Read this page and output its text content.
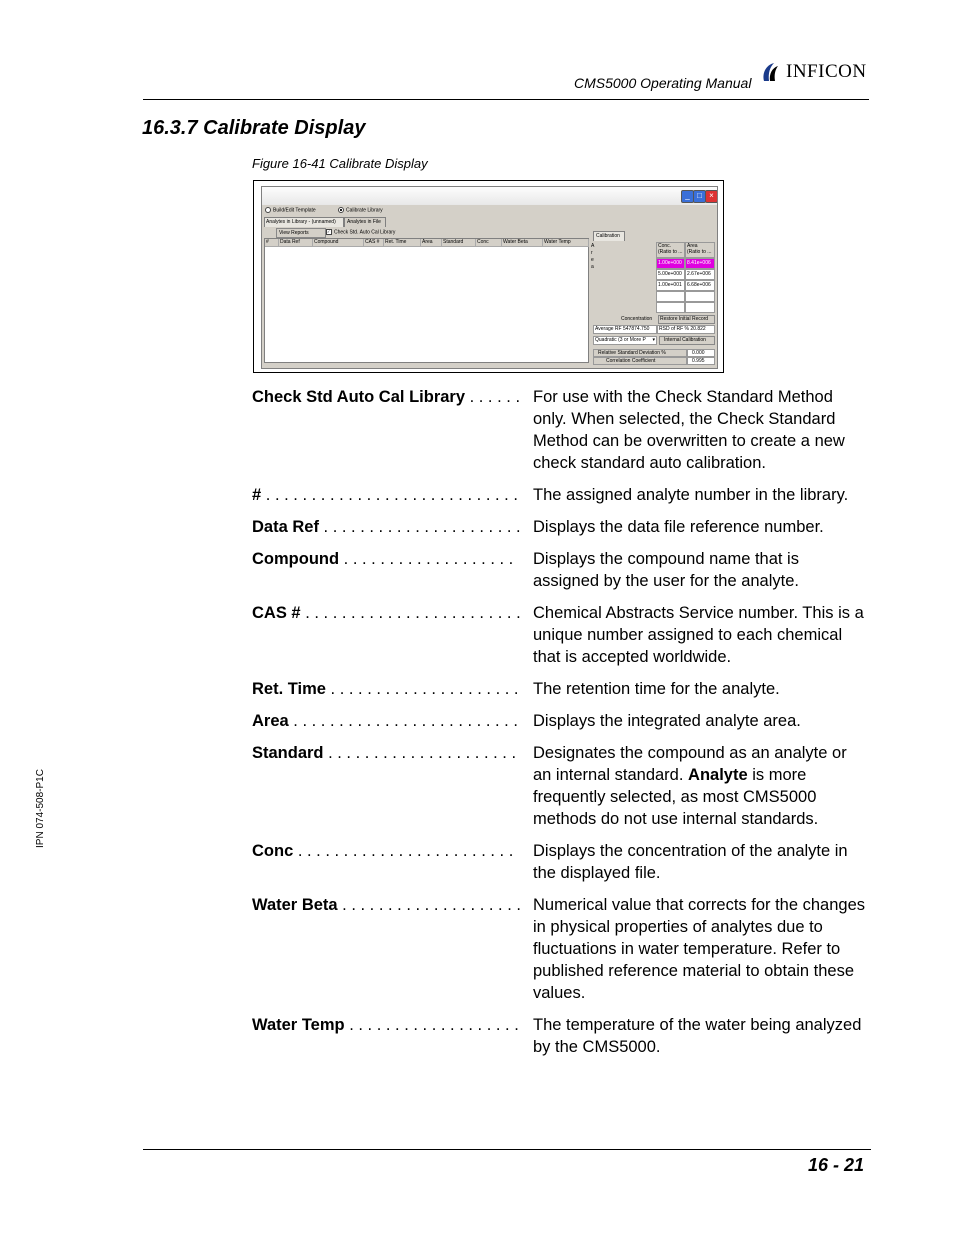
CMS5000 Operating Manual
INFICON
16.3.7 Calibrate Display
Figure 16-41 Calibrate Display
_ □ ×
Build/Edit Template	Calibrate Library
Analytes in Library - (unnamed) Analytes in File
View Reports	✓ Check Std. Auto Cal Library
# Data Ref	Compound	CAS # Ret. Time	Area Standard	Conc	Water Beta	Water Temp
Calibration
A
r
e
a
Conc.
(Ratio to ...
Area
(Ratio to ...
1.00e+000 8.41e+006
5.00e+000 2.67e+006
1.00e+001 6.68e+006
Concentration Restore Initial Record
Average RF 547874.750 RSD of RF % 20.822
Quadratic (3 or More P ▾ Internal Calibration
Relative Standard Deviation %	0.000
Correlation Coefficient	0.995
Check Std Auto Cal Library . . . . . . For use with the Check Standard Method only. When selected, the Check Standard Method can be overwritten to create a new check standard auto calibration.
# . . . . . . . . . . . . . . . . . . . . . . . . . . . . The assigned analyte number in the library.
Data Ref . . . . . . . . . . . . . . . . . . . . . . Displays the data file reference number.
Compound . . . . . . . . . . . . . . . . . . .	Displays the compound name that is assigned by the user for the analyte.
CAS # . . . . . . . . . . . . . . . . . . . . . . . . Chemical Abstracts Service number. This is a unique number assigned to each chemical that is accepted worldwide.
Ret. Time . . . . . . . . . . . . . . . . . . . . . The retention time for the analyte.
Area . . . . . . . . . . . . . . . . . . . . . . . . . Displays the integrated analyte area.
Standard . . . . . . . . . . . . . . . . . . . . .	Designates the compound as an analyte or an internal standard. Analyte is more frequently selected, as most CMS5000 methods do not use internal standards.
Conc . . . . . . . . . . . . . . . . . . . . . . . .	Displays the concentration of the analyte in the displayed file.
Water Beta . . . . . . . . . . . . . . . . . . . . Numerical value that corrects for the changes in physical properties of analytes due to fluctuations in water temperature. Refer to published reference material to obtain these values.
Water Temp . . . . . . . . . . . . . . . . . . . The temperature of the water being analyzed by the CMS5000.
IPN 074-508-P1C
16 - 21
